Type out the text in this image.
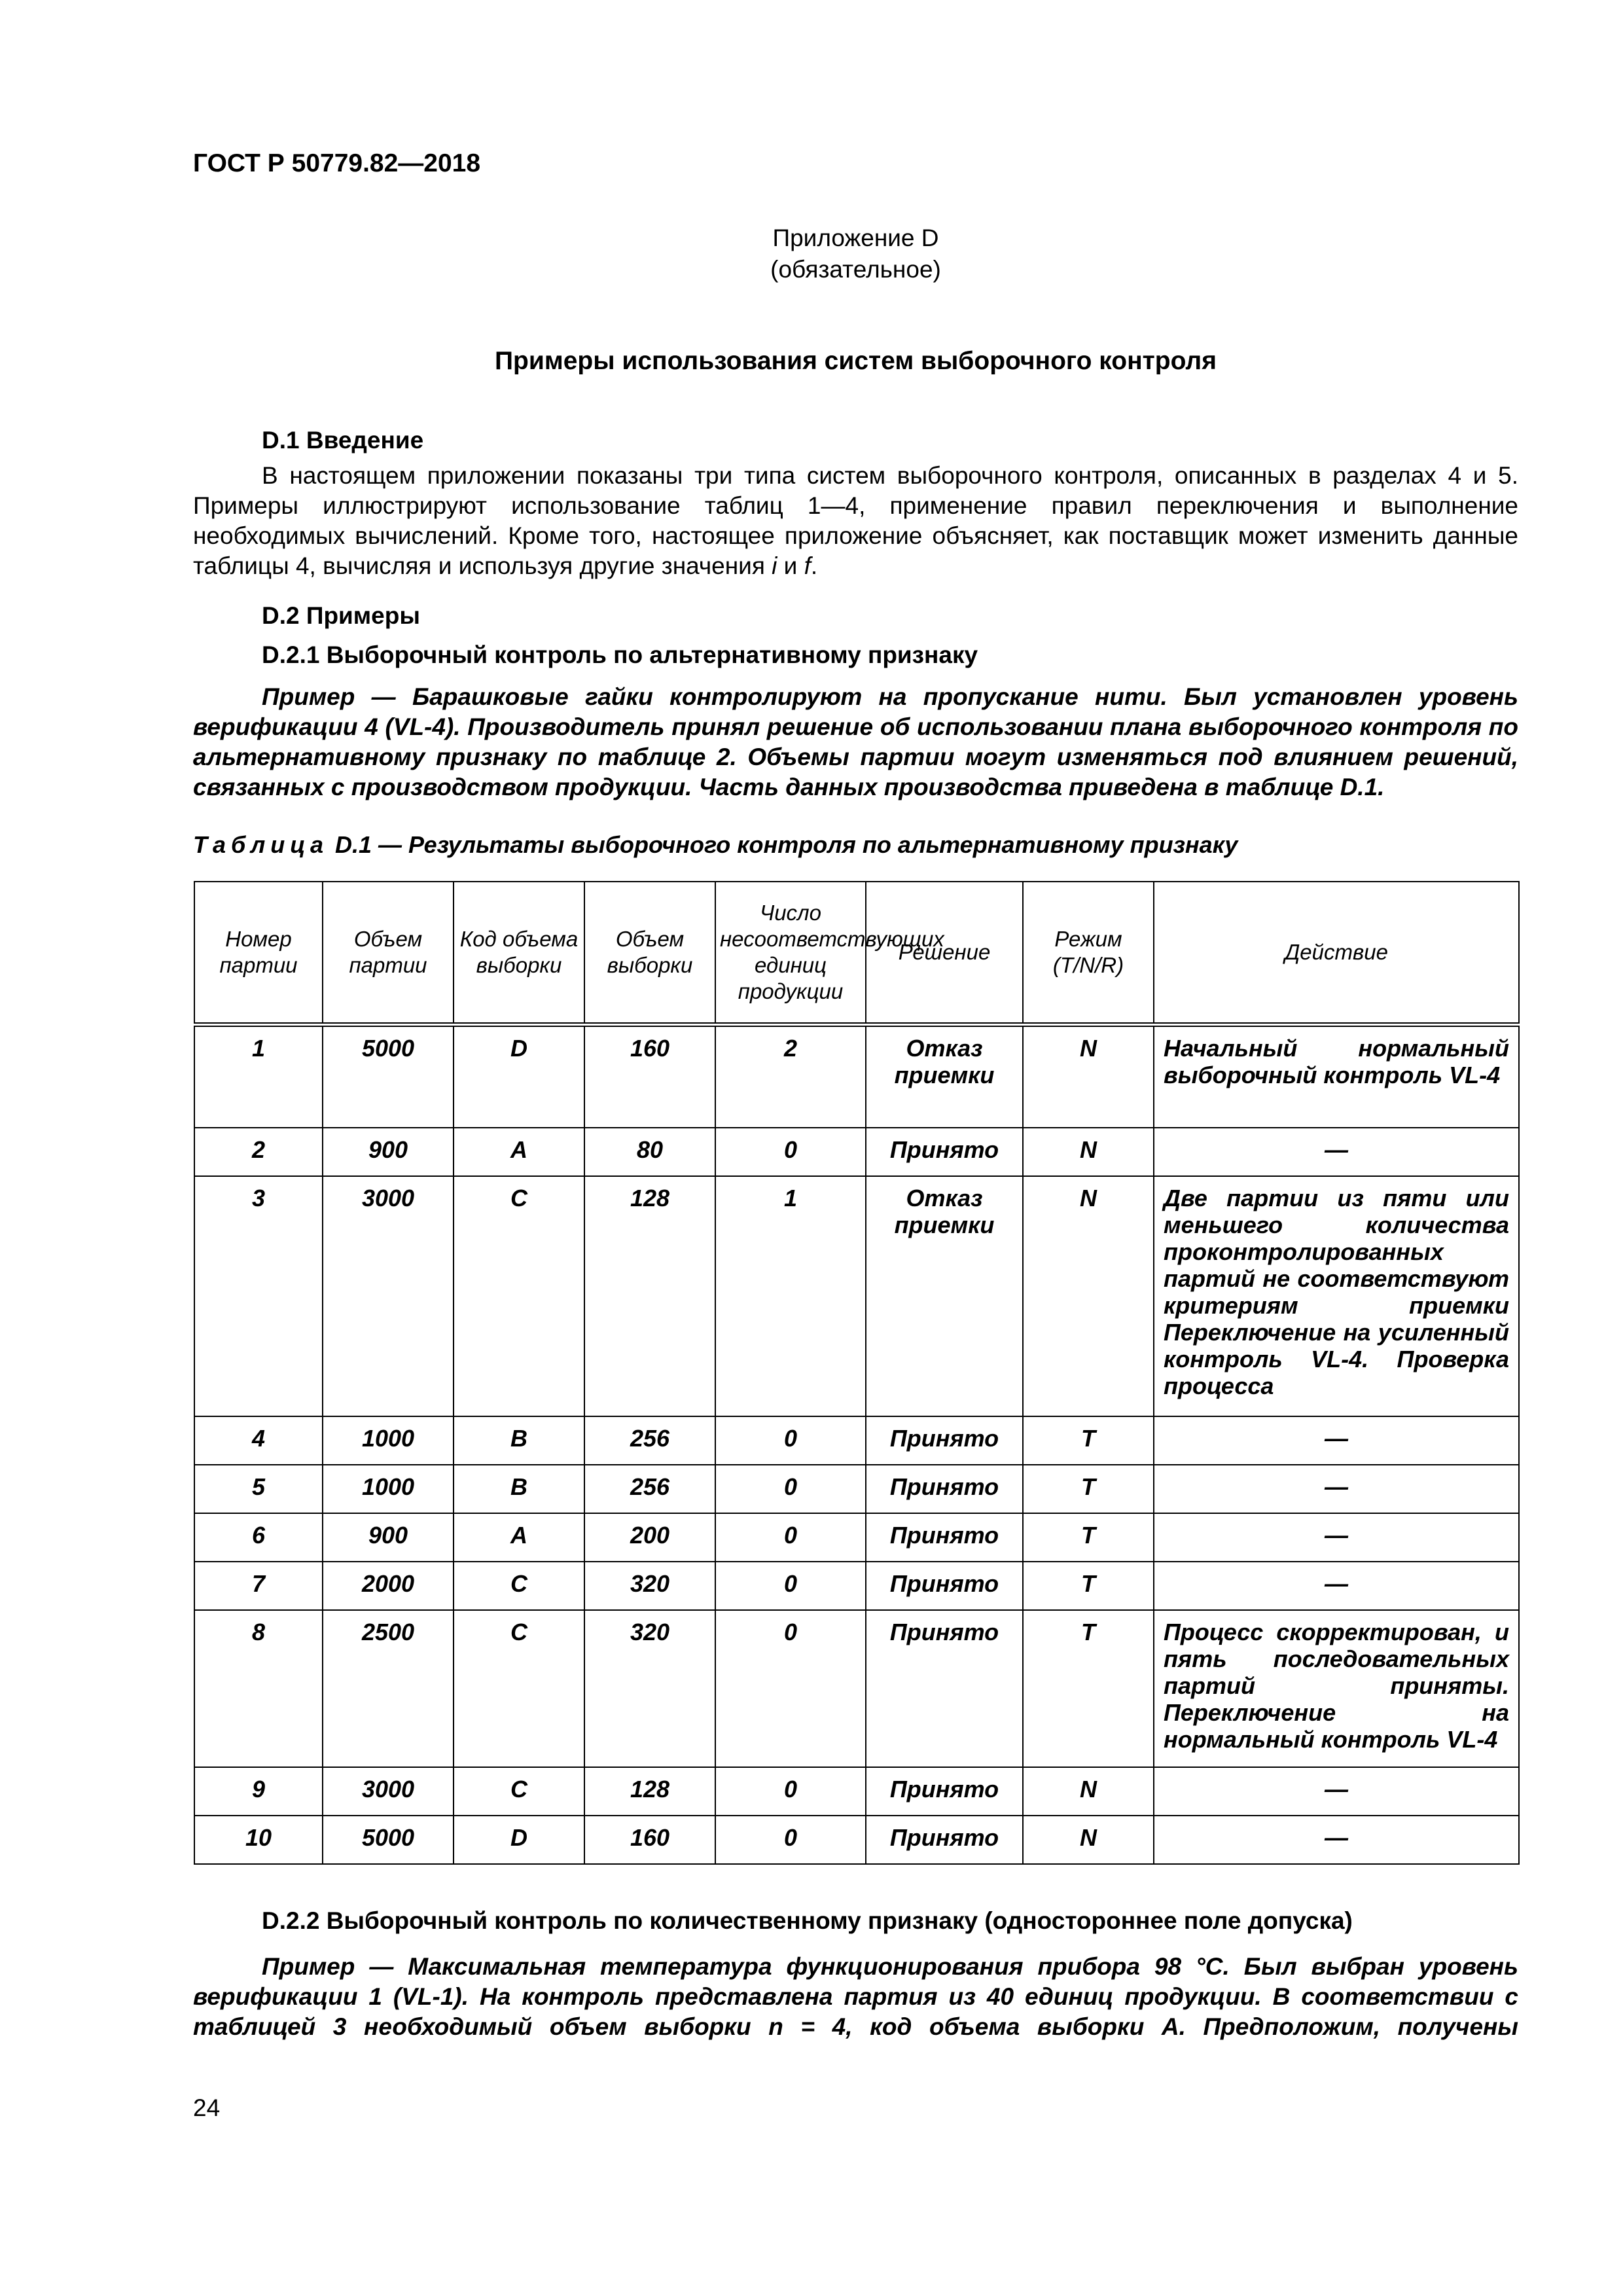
ГОСТ Р 50779.82—2018
Приложение D
(обязательное)
Примеры использования систем выборочного контроля

D.1 Введение

В настоящем приложении показаны три типа систем выборочного контроля, описанных в разделах 4 и 5. Примеры иллюстрируют использование таблиц 1—4, применение правил переключения и выполнение необходимых вычислений. Кроме того, настоящее приложение объясняет, как поставщик может изменить данные таблицы 4, вычисляя и используя другие значения i и f.

D.2 Примеры

D.2.1 Выборочный контроль по альтернативному признаку

Пример — Барашковые гайки контролируют на пропускание нити. Был установлен уровень верификации 4 (VL-4). Производитель принял решение об использовании плана выборочного контроля по альтернативному признаку по таблице 2. Объемы партии могут изменяться под влиянием решений, связанных с производством продукции. Часть данных производства приведена в таблице D.1.

Таблица D.1 — Результаты выборочного контроля по альтернативному признаку
Номер партии	Объем партии	Код объема выборки	Объем выборки	Число несоответствующих единиц продукции	Решение	Режим (T/N/R)	Действие
1	5000	D	160	2	Отказ приемки	N	Начальный нормальный выборочный контроль VL-4
2	900	A	80	0	Принято	N	—
3	3000	C	128	1	Отказ приемки	N	Две партии из пяти или меньшего количества проконтролированных партий не соответствуют критериям приемки Переключение на усиленный контроль VL-4. Проверка процесса
4	1000	B	256	0	Принято	T	—
5	1000	B	256	0	Принято	T	—
6	900	A	200	0	Принято	T	—
7	2000	C	320	0	Принято	T	—
8	2500	C	320	0	Принято	T	Процесс скорректирован, и пять последовательных партий приняты. Переключение на нормальный контроль VL-4
9	3000	C	128	0	Принято	N	—
10	5000	D	160	0	Принято	N	—

D.2.2 Выборочный контроль по количественному признаку (одностороннее поле допуска)

Пример — Максимальная температура функционирования прибора 98 °С. Был выбран уровень верификации 1 (VL-1). На контроль представлена партия из 40 единиц продукции. В соответствии с таблицей 3 необходимый объем выборки n = 4, код объема выборки А. Предположим, получены

24
